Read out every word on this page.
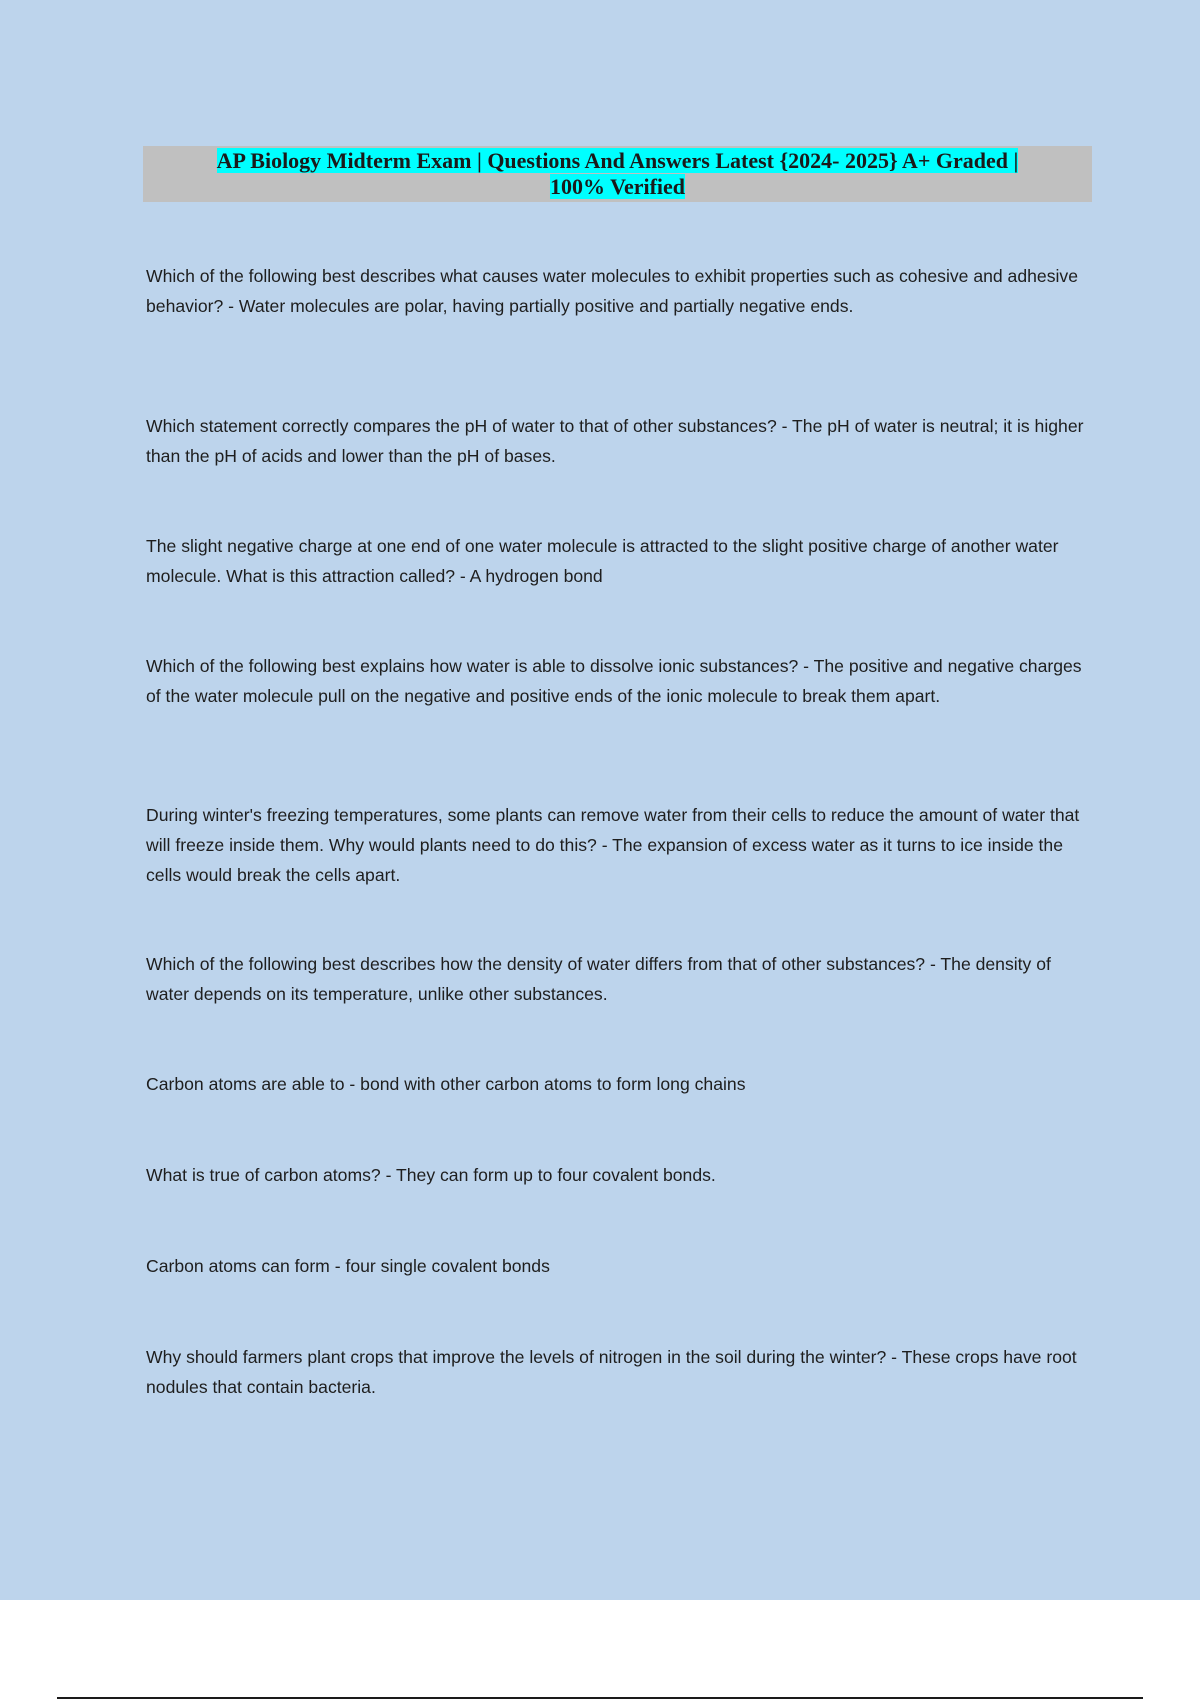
AP Biology Midterm Exam | Questions And Answers Latest {2024- 2025} A+ Graded |
100% Verified

Which of the following best describes what causes water molecules to exhibit properties such as cohesive and adhesive behavior? - Water molecules are polar, having partially positive and partially negative ends.

Which statement correctly compares the pH of water to that of other substances? - The pH of water is neutral; it is higher than the pH of acids and lower than the pH of bases.

The slight negative charge at one end of one water molecule is attracted to the slight positive charge of another water molecule. What is this attraction called? - A hydrogen bond

Which of the following best explains how water is able to dissolve ionic substances? - The positive and negative charges of the water molecule pull on the negative and positive ends of the ionic molecule to break them apart.

During winter's freezing temperatures, some plants can remove water from their cells to reduce the amount of water that will freeze inside them. Why would plants need to do this? - The expansion of excess water as it turns to ice inside the cells would break the cells apart.

Which of the following best describes how the density of water differs from that of other substances? - The density of water depends on its temperature, unlike other substances.

Carbon atoms are able to - bond with other carbon atoms to form long chains

What is true of carbon atoms? - They can form up to four covalent bonds.

Carbon atoms can form - four single covalent bonds

Why should farmers plant crops that improve the levels of nitrogen in the soil during the winter? - These crops have root nodules that contain bacteria.
